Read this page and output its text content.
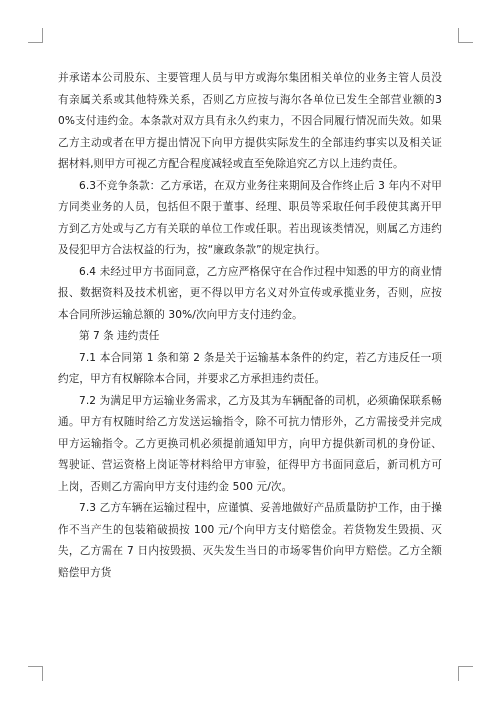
并承诺本公司股东、主要管理人员与甲方或海尔集团相关单位的业务主管人员没有亲属关系或其他特殊关系，否则乙方应按与海尔各单位已发生全部营业额的30%支付违约金。本条款对双方具有永久约束力，不因合同履行情况而失效。如果乙方主动或者在甲方提出情况下向甲方提供实际发生的全部违约事实以及相关证据材料,则甲方可视乙方配合程度减轻或直至免除追究乙方以上违约责任。

6.3不竞争条款：乙方承诺，在双方业务往来期间及合作终止后 3 年内不对甲方同类业务的人员，包括但不限于董事、经理、职员等采取任何手段使其离开甲方到乙方处或与乙方有关联的单位工作或任职。若出现该类情况，则属乙方违约及侵犯甲方合法权益的行为，按“廉政条款”的规定执行。

6.4 未经过甲方书面同意，乙方应严格保守在合作过程中知悉的甲方的商业情报、数据资料及技术机密，更不得以甲方名义对外宣传或承揽业务，否则，应按本合同所涉运输总额的 30%/次向甲方支付违约金。

第 7 条 违约责任

7.1 本合同第 1 条和第 2 条是关于运输基本条件的约定，若乙方违反任一项约定，甲方有权解除本合同，并要求乙方承担违约责任。

7.2 为满足甲方运输业务需求，乙方及其为车辆配备的司机，必须确保联系畅通。甲方有权随时给乙方发送运输指令，除不可抗力情形外，乙方需接受并完成甲方运输指令。乙方更换司机必须提前通知甲方，向甲方提供新司机的身份证、驾驶证、营运资格上岗证等材料给甲方审验，征得甲方书面同意后，新司机方可上岗，否则乙方需向甲方支付违约金 500 元/次。

7.3 乙方车辆在运输过程中，应谨慎、妥善地做好产品质量防护工作，由于操作不当产生的包装箱破损按 100 元/个向甲方支付赔偿金。若货物发生毁损、灭失，乙方需在 7 日内按毁损、灭失发生当日的市场零售价向甲方赔偿。乙方全额赔偿甲方货
